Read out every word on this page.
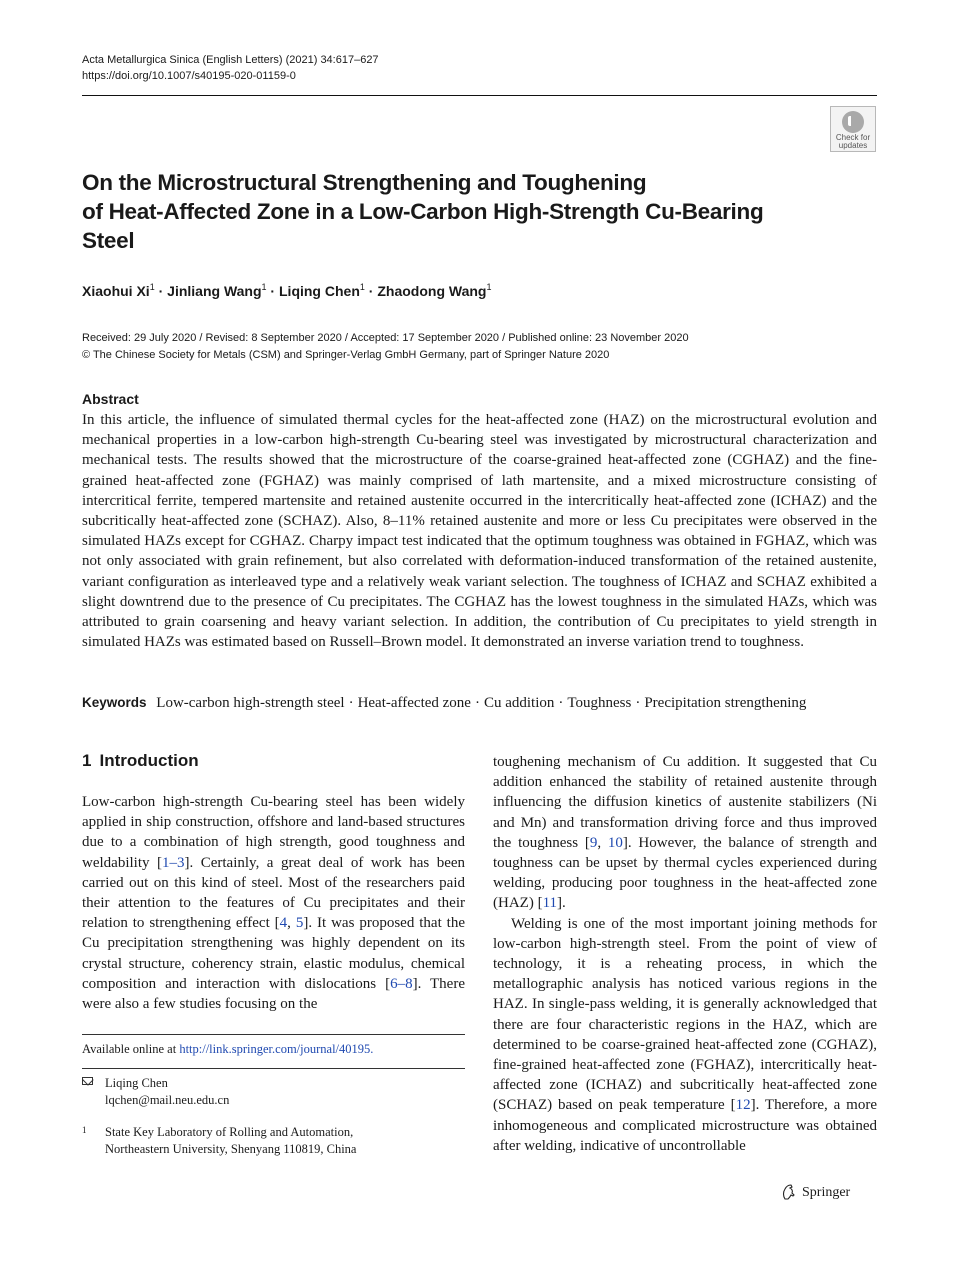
Acta Metallurgica Sinica (English Letters) (2021) 34:617–627
https://doi.org/10.1007/s40195-020-01159-0
Check for
updates
On the Microstructural Strengthening and Toughening
of Heat-Affected Zone in a Low-Carbon High-Strength Cu-Bearing
Steel
Xiaohui $Xi^1$ · Jinliang Wang$^1$ · Liqing Chen$^1$ · Zhaodong Wang$^1$
Received: 29 July 2020 / Revised: 8 September 2020 / Accepted: 17 September 2020 / Published online: 23 November 2020
© The Chinese Society for Metals (CSM) and Springer-Verlag GmbH Germany, part of Springer Nature 2020
Abstract

In this article, the influence of simulated thermal cycles for the heat-affected zone (HAZ) on the microstructural evolution and mechanical properties in a low-carbon high-strength Cu-bearing steel was investigated by microstructural characterization and mechanical tests. The results showed that the microstructure of the coarse-grained heat-affected zone (CGHAZ) and the fine-grained heat-affected zone (FGHAZ) was mainly comprised of lath martensite, and a mixed microstructure consisting of intercritical ferrite, tempered martensite and retained austenite occurred in the intercritically heat-affected zone (ICHAZ) and the subcritically heat-affected zone (SCHAZ). Also, 8–11% retained austenite and more or less Cu precipitates were observed in the simulated HAZs except for CGHAZ. Charpy impact test indicated that the optimum toughness was obtained in FGHAZ, which was not only associated with grain refinement, but also correlated with deformation-induced transformation of the retained austenite, variant configuration as interleaved type and a relatively weak variant selection. The toughness of ICHAZ and SCHAZ exhibited a slight downtrend due to the presence of Cu precipitates. The CGHAZ has the lowest toughness in the simulated HAZs, which was attributed to grain coarsening and heavy variant selection. In addition, the contribution of Cu precipitates to yield strength in simulated HAZs was estimated based on Russell–Brown model. It demonstrated an inverse variation trend to toughness.

Keywords Low-carbon high-strength steel · Heat-affected zone · Cu addition · Toughness · Precipitation strengthening
1 Introduction

Low-carbon high-strength Cu-bearing steel has been widely applied in ship construction, offshore and land-based structures due to a combination of high strength, good toughness and weldability [1–3]. Certainly, a great deal of work has been carried out on this kind of steel. Most of the researchers paid their attention to the features of Cu precipitates and their relation to strengthening effect [4, 5]. It was proposed that the Cu precipitation strengthening was highly dependent on its crystal structure, coherency strain, elastic modulus, chemical composition and interaction with dislocations [6–8]. There were also a few studies focusing on the

Available online at http://link.springer.com/journal/40195.
Liqing Chen
lqchen@mail.neu.edu.cn
1 State Key Laboratory of Rolling and Automation,
Northeastern University, Shenyang 110819, China

toughening mechanism of Cu addition. It suggested that Cu addition enhanced the stability of retained austenite through influencing the diffusion kinetics of austenite stabilizers (Ni and Mn) and transformation driving force and thus improved the toughness [9, 10]. However, the balance of strength and toughness can be upset by thermal cycles experienced during welding, producing poor toughness in the heat-affected zone (HAZ) [11].

Welding is one of the most important joining methods for low-carbon high-strength steel. From the point of view of technology, it is a reheating process, in which the metallographic analysis has noticed various regions in the HAZ. In single-pass welding, it is generally acknowledged that there are four characteristic regions in the HAZ, which are determined to be coarse-grained heat-affected zone (CGHAZ), fine-grained heat-affected zone (FGHAZ), intercritically heat-affected zone (ICHAZ) and subcritically heat-affected zone (SCHAZ) based on peak temperature [12]. Therefore, a more inhomogeneous and complicated microstructure was obtained after welding, indicative of uncontrollable

Springer
